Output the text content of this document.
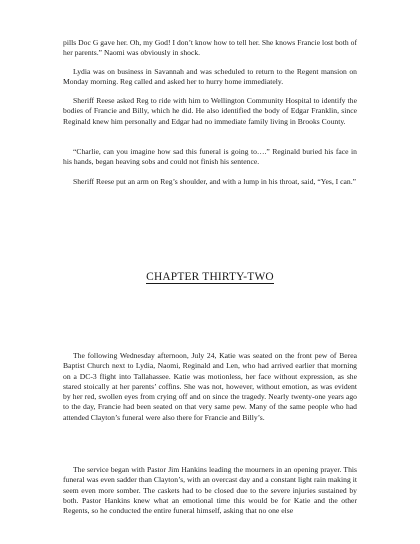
pills Doc G gave her. Oh, my God! I don’t know how to tell her. She knows Francie lost both of her parents.” Naomi was obviously in shock.

Lydia was on business in Savannah and was scheduled to return to the Regent mansion on Monday morning. Reg called and asked her to hurry home immediately.

Sheriff Reese asked Reg to ride with him to Wellington Community Hospital to identify the bodies of Francie and Billy, which he did. He also identified the body of Edgar Franklin, since Reginald knew him personally and Edgar had no immediate family living in Brooks County.

“Charlie, can you imagine how sad this funeral is going to….” Reginald buried his face in his hands, began heaving sobs and could not finish his sentence.

Sheriff Reese put an arm on Reg’s shoulder, and with a lump in his throat, said, “Yes, I can.”

CHAPTER THIRTY-TWO

The following Wednesday afternoon, July 24, Katie was seated on the front pew of Berea Baptist Church next to Lydia, Naomi, Reginald and Len, who had arrived earlier that morning on a DC-3 flight into Tallahassee. Katie was motionless, her face without expression, as she stared stoically at her parents’ coffins. She was not, however, without emotion, as was evident by her red, swollen eyes from crying off and on since the tragedy. Nearly twenty-one years ago to the day, Francie had been seated on that very same pew. Many of the same people who had attended Clayton’s funeral were also there for Francie and Billy’s.

The service began with Pastor Jim Hankins leading the mourners in an opening prayer. This funeral was even sadder than Clayton’s, with an overcast day and a constant light rain making it seem even more somber. The caskets had to be closed due to the severe injuries sustained by both. Pastor Hankins knew what an emotional time this would be for Katie and the other Regents, so he conducted the entire funeral himself, asking that no one else
